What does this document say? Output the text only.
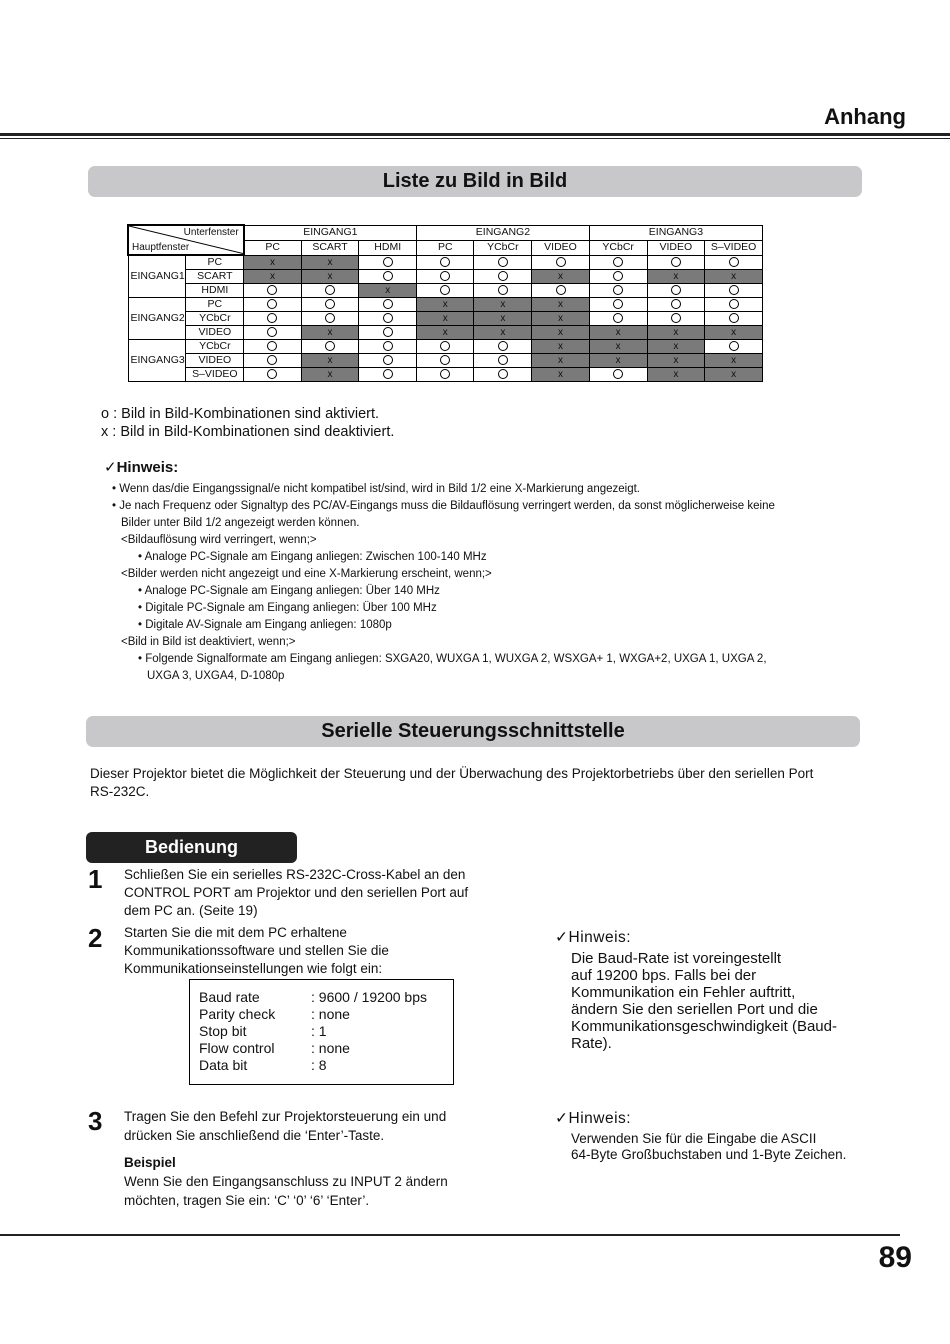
Anhang
Liste zu Bild in Bild
Unterfenster
Hauptfenster		EINGANG1			EINGANG2			EINGANG3		
		PC	SCART	HDMI	PC	YCbCr	VIDEO	YCbCr	VIDEO	S–VIDEO
EINGANG1	PC	x	x							
	SCART	x	x				x		x	x
	HDMI			x						
EINGANG2	PC				x	x	x			
	YCbCr				x	x	x			
	VIDEO		x		x	x	x	x	x	x
EINGANG3	YCbCr						x	x	x	
	VIDEO		x				x	x	x	x
	S–VIDEO		x				x		x	x
o : Bild in Bild-Kombinationen sind aktiviert.
x : Bild in Bild-Kombinationen sind deaktiviert.
✓Hinweis:
• Wenn das/die Eingangssignal/e nicht kompatibel ist/sind, wird in Bild 1/2 eine X-Markierung angezeigt.
• Je nach Frequenz oder Signaltyp des PC/AV-Eingangs muss die Bildauflösung verringert werden, da sonst möglicherweise keine
Bilder unter Bild 1/2 angezeigt werden können.
<Bildauflösung wird verringert, wenn;>
• Analoge PC-Signale am Eingang anliegen: Zwischen 100-140 MHz
<Bilder werden nicht angezeigt und eine X-Markierung erscheint, wenn;>
• Analoge PC-Signale am Eingang anliegen: Über 140 MHz
• Digitale PC-Signale am Eingang anliegen: Über 100 MHz
• Digitale AV-Signale am Eingang anliegen: 1080p
<Bild in Bild ist deaktiviert, wenn;>
• Folgende Signalformate am Eingang anliegen: SXGA20, WUXGA 1, WUXGA 2, WSXGA+ 1, WXGA+2, UXGA 1, UXGA 2,
UXGA 3, UXGA4, D-1080p
Serielle Steuerungsschnittstelle
Dieser Projektor bietet die Möglichkeit der Steuerung und der Überwachung des Projektorbetriebs über den seriellen Port
RS-232C.
Bedienung
1 Schließen Sie ein serielles RS-232C-Cross-Kabel an den
CONTROL PORT am Projektor und den seriellen Port auf
dem PC an. (Seite 19)
2 Starten Sie die mit dem PC erhaltene
Kommunikationssoftware und stellen Sie die
Kommunikationseinstellungen wie folgt ein:
Baud rate	: 9600 / 19200 bps
Parity check	: none
Stop bit	: 1
Flow control	: none
Data bit	: 8
3 Tragen Sie den Befehl zur Projektorsteuerung ein und
drücken Sie anschließend die ‘Enter’-Taste.
Beispiel
Wenn Sie den Eingangsanschluss zu INPUT 2 ändern
möchten, tragen Sie ein: ‘C’ ‘0’ ‘6’ ‘Enter’.
✓Hinweis:
Die Baud-Rate ist voreingestellt
auf 19200 bps. Falls bei der
Kommunikation ein Fehler auftritt,
ändern Sie den seriellen Port und die
Kommunikationsgeschwindigkeit (Baud-
Rate).
✓Hinweis:
Verwenden Sie für die Eingabe die ASCII
64-Byte Großbuchstaben und 1-Byte Zeichen.
89
